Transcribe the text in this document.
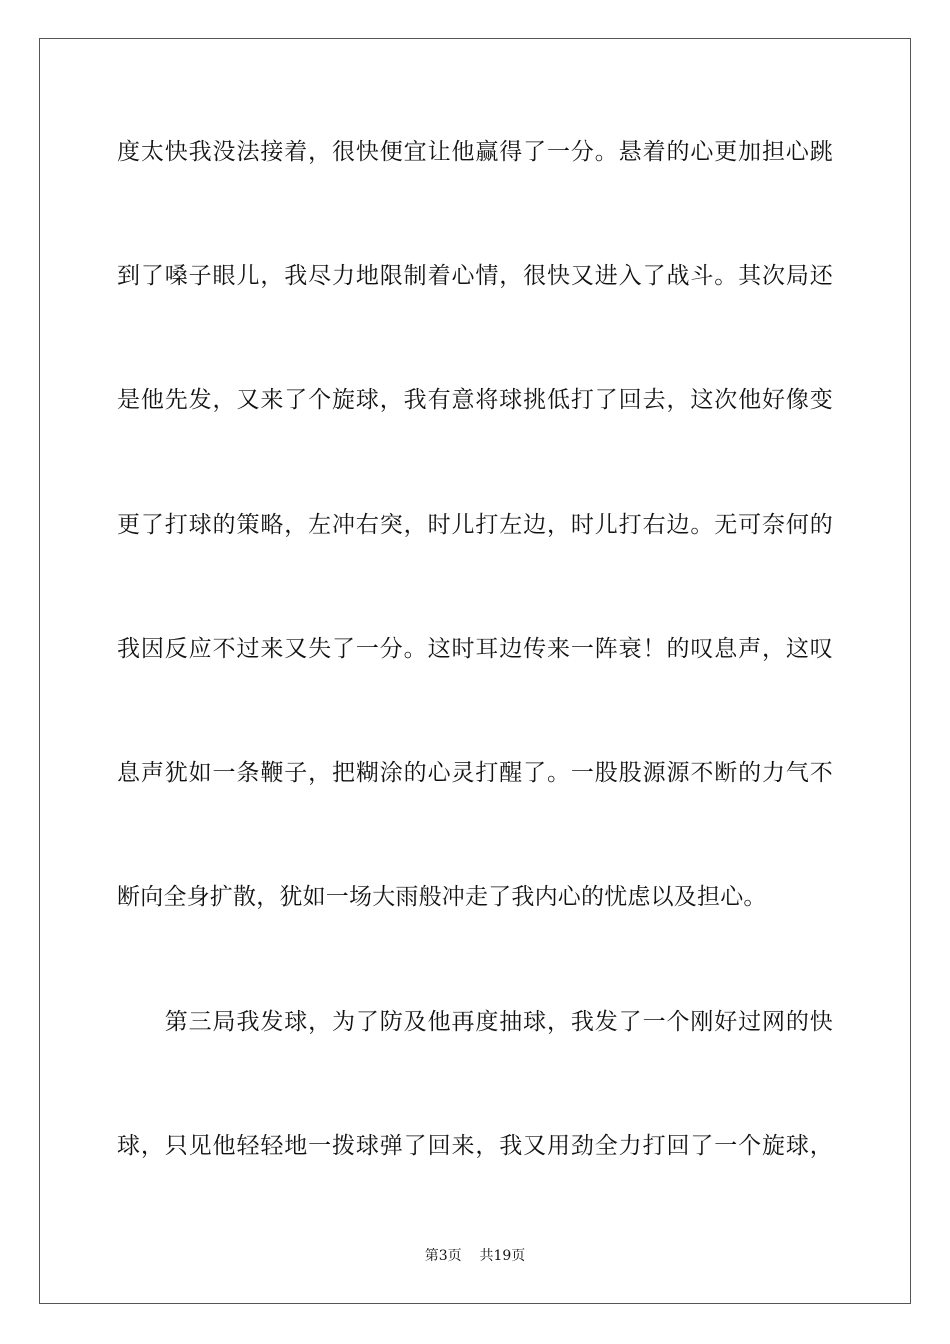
度太快我没法接着，很快便宜让他赢得了一分。悬着的心更加担心跳
到了嗓子眼儿，我尽力地限制着心情，很快又进入了战斗。其次局还
是他先发，又来了个旋球，我有意将球挑低打了回去，这次他好像变
更了打球的策略，左冲右突，时儿打左边，时儿打右边。无可奈何的
我因反应不过来又失了一分。这时耳边传来一阵衰！的叹息声，这叹
息声犹如一条鞭子，把糊涂的心灵打醒了。一股股源源不断的力气不
断向全身扩散，犹如一场大雨般冲走了我内心的忧虑以及担心。
　　第三局我发球，为了防及他再度抽球，我发了一个刚好过网的快
球，只见他轻轻地一拨球弹了回来，我又用劲全力打回了一个旋球，
第3页 共19页
